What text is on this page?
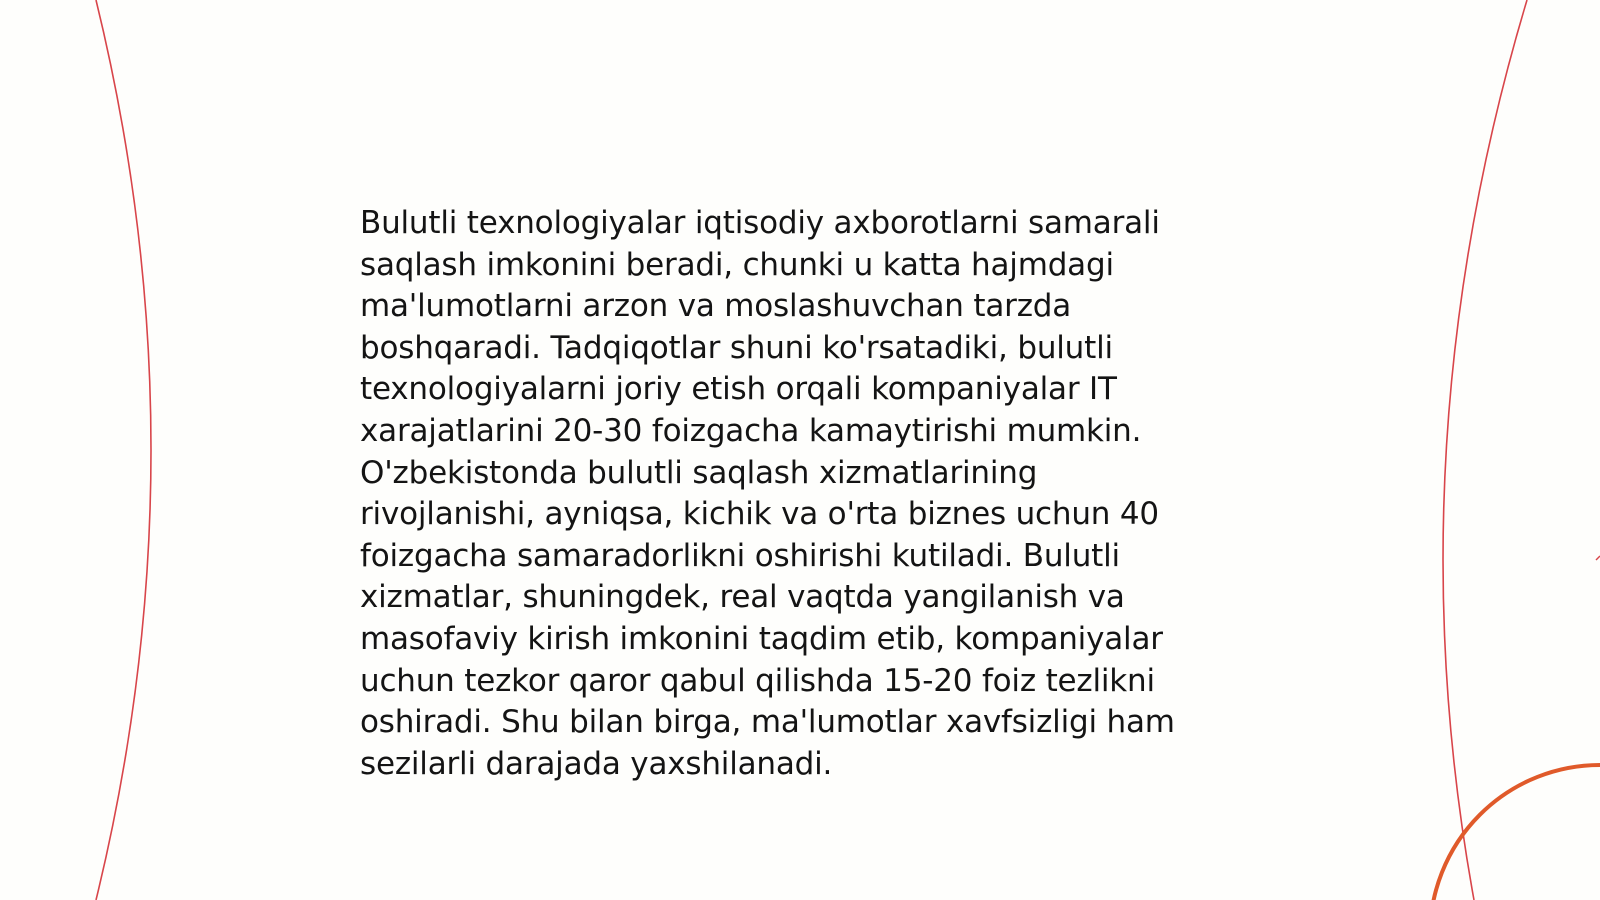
Bulutli texnologiyalar iqtisodiy axborotlarni samarali
saqlash imkonini beradi, chunki u katta hajmdagi
ma'lumotlarni arzon va moslashuvchan tarzda
boshqaradi. Tadqiqotlar shuni ko'rsatadiki, bulutli
texnologiyalarni joriy etish orqali kompaniyalar IT
xarajatlarini 20-30 foizgacha kamaytirishi mumkin.
O'zbekistonda bulutli saqlash xizmatlarining
rivojlanishi, ayniqsa, kichik va o'rta biznes uchun 40
foizgacha samaradorlikni oshirishi kutiladi. Bulutli
xizmatlar, shuningdek, real vaqtda yangilanish va
masofaviy kirish imkonini taqdim etib, kompaniyalar
uchun tezkor qaror qabul qilishda 15-20 foiz tezlikni
oshiradi. Shu bilan birga, ma'lumotlar xavfsizligi ham
sezilarli darajada yaxshilanadi.
